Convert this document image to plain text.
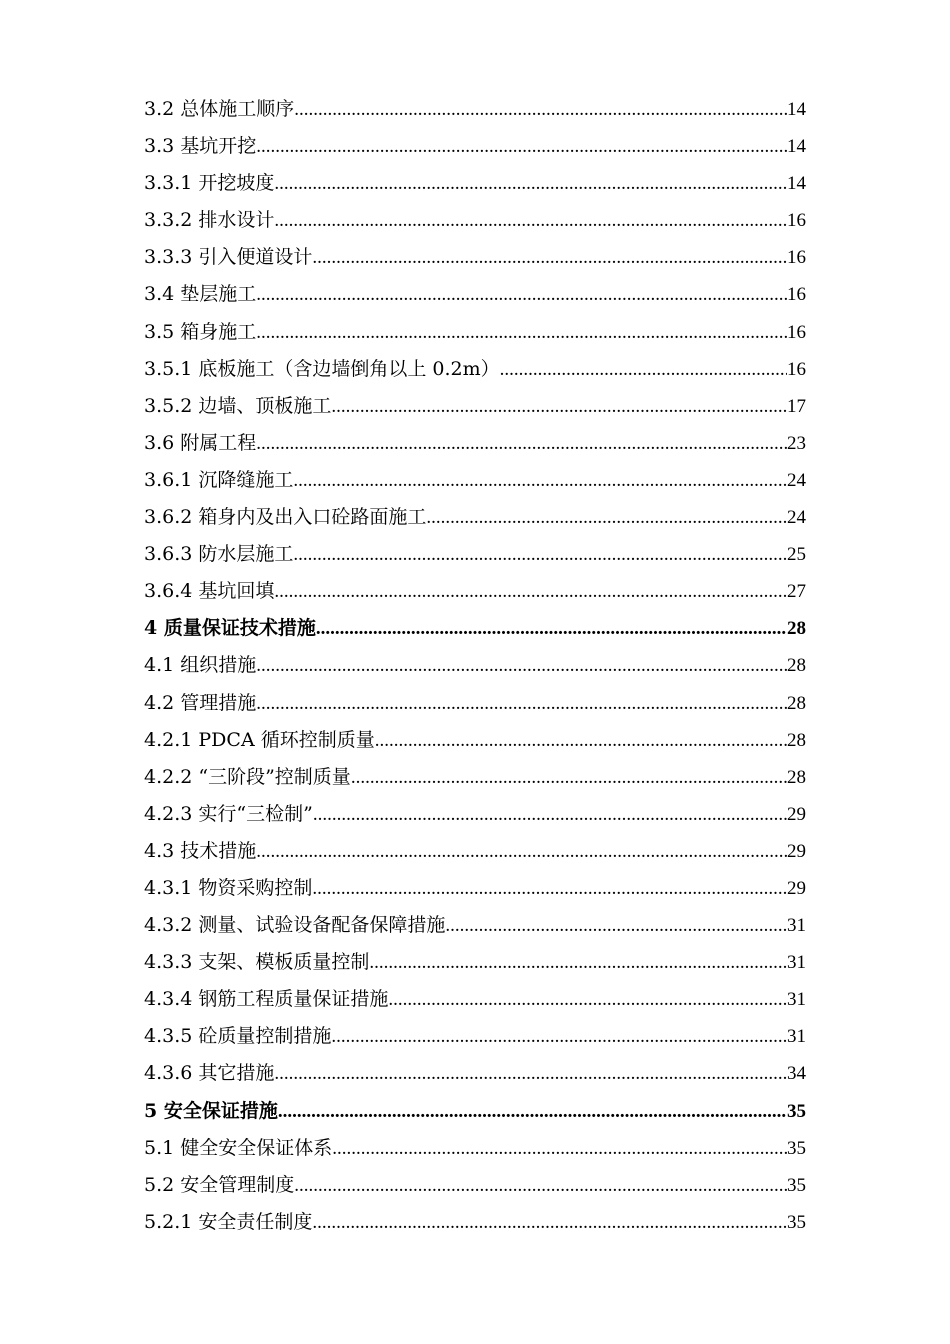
3.2 总体施工顺序 .....	14
3.3 基坑开挖 .....	14
3.3.1 开挖坡度 .....	14
3.3.2 排水设计 .....	16
3.3.3 引入便道设计 .....	16
3.4 垫层施工 .....	16
3.5 箱身施工 .....	16
3.5.1 底板施工（含边墙倒角以上 0.2m） .....	16
3.5.2 边墙、顶板施工 .....	17
3.6 附属工程 .....	23
3.6.1 沉降缝施工 .....	24
3.6.2 箱身内及出入口砼路面施工 .....	24
3.6.3 防水层施工 .....	25
3.6.4 基坑回填 .....	27
4 质量保证技术措施 .....	28
4.1 组织措施 .....	28
4.2 管理措施 .....	28
4.2.1 PDCA 循环控制质量 .....	28
4.2.2 “三阶段”控制质量 .....	28
4.2.3 实行“三检制” .....	29
4.3 技术措施 .....	29
4.3.1 物资采购控制 .....	29
4.3.2 测量、试验设备配备保障措施 .....	31
4.3.3 支架、模板质量控制 .....	31
4.3.4 钢筋工程质量保证措施 .....	31
4.3.5 砼质量控制措施 .....	31
4.3.6 其它措施 .....	34
5 安全保证措施 .....	35
5.1 健全安全保证体系 .....	35
5.2 安全管理制度 .....	35
5.2.1 安全责任制度 .....	35
